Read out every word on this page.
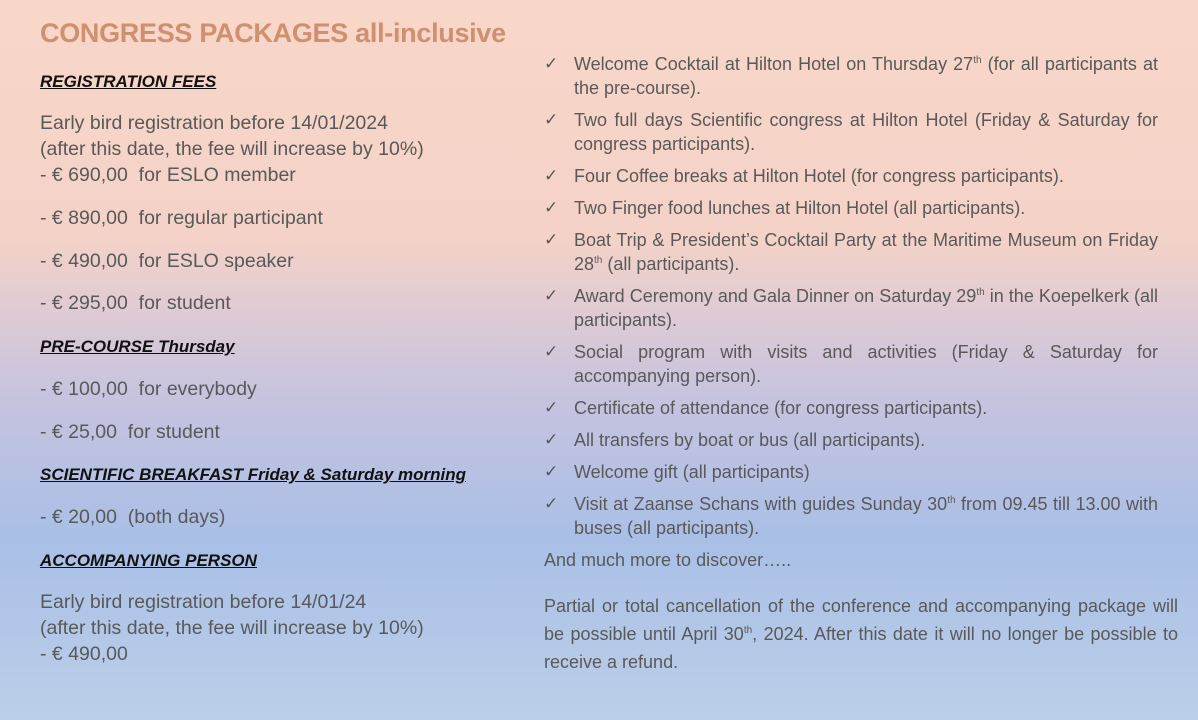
CONGRESS PACKAGES all-inclusive
REGISTRATION FEES
Early bird registration before 14/01/2024
(after this date, the fee will increase by 10%)
- € 690,00  for ESLO member
- € 890,00  for regular participant
- € 490,00  for ESLO speaker
- € 295,00  for student
PRE-COURSE Thursday
- € 100,00  for everybody
- € 25,00  for student
SCIENTIFIC BREAKFAST Friday & Saturday morning
- € 20,00  (both days)
ACCOMPANYING PERSON
Early bird registration before 14/01/24
(after this date, the fee will increase by 10%)
- € 490,00
✓ Welcome Cocktail at Hilton Hotel on Thursday 27th (for all participants at the pre-course).
✓ Two full days Scientific congress at Hilton Hotel (Friday & Saturday for congress participants).
✓ Four Coffee breaks at Hilton Hotel (for congress participants).
✓ Two Finger food lunches at Hilton Hotel (all participants).
✓ Boat Trip & President’s Cocktail Party at the Maritime Museum on Friday 28th (all participants).
✓ Award Ceremony and Gala Dinner on Saturday 29th in the Koepelkerk (all participants).
✓ Social program with visits and activities (Friday & Saturday for accompanying person).
✓ Certificate of attendance (for congress participants).
✓ All transfers by boat or bus (all participants).
✓ Welcome gift (all participants)
✓ Visit at Zaanse Schans with guides Sunday 30th from 09.45 till 13.00 with buses (all participants).
And much more to discover…..
Partial or total cancellation of the conference and accompanying package will be possible until April 30th, 2024. After this date it will no longer be possible to receive a refund.
